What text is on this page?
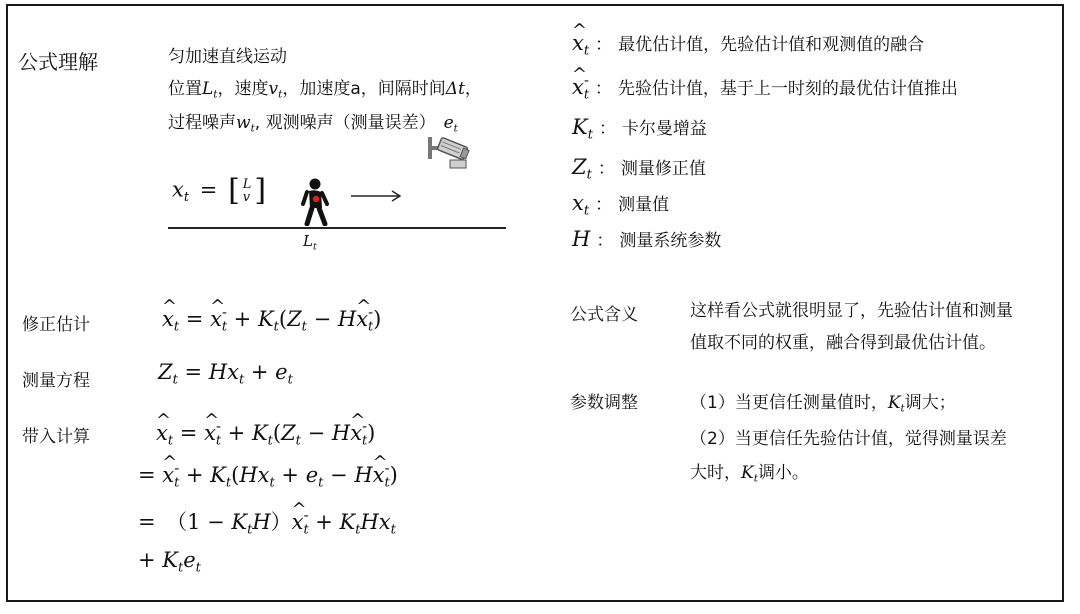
公式理解	匀加速直线运动
位置$L_t$，速度$v_t$，加速度a，间隔时间Δt，
过程噪声$w_t$, 观测噪声（测量误差） $e_t$
$x_t$ = [ L
v ]
$L_t$
^ $x_t$ ： 最优估计值，先验估计值和观测值的融合
^ $x_t^-$ ： 先验估计值，基于上一时刻的最优估计值推出
$K_t$ ： 卡尔曼增益
$Z_t$ ： 测量修正值
$x_t$ ： 测量值
H ： 测量系统参数
修正估计	^ $x_t$ = ^ $x_t^- + K_t(Z_t$ − H^ $x_t^-$)
测量方程	$Z_t = Hx_t + e_t$
带入计算	^ $x_t$ = ^ $x_t^- + K_t(Z_t$ − H^ $x_t^-$)
= ^ $x_t^- + K_t(Hx_t + e_t$ − H^ $x_t^-$)
=　$(1 - K_tH)\^{}$ $x_t^- + K_tHx_t$
+ $K_te_t$
公式含义	这样看公式就很明显了，先验估计值和测量
值取不同的权重，融合得到最优估计值。
参数调整	（1）当更信任测量值时，$K_t$调大；
（2）当更信任先验估计值，觉得测量误差
大时，$K_t$调小。
